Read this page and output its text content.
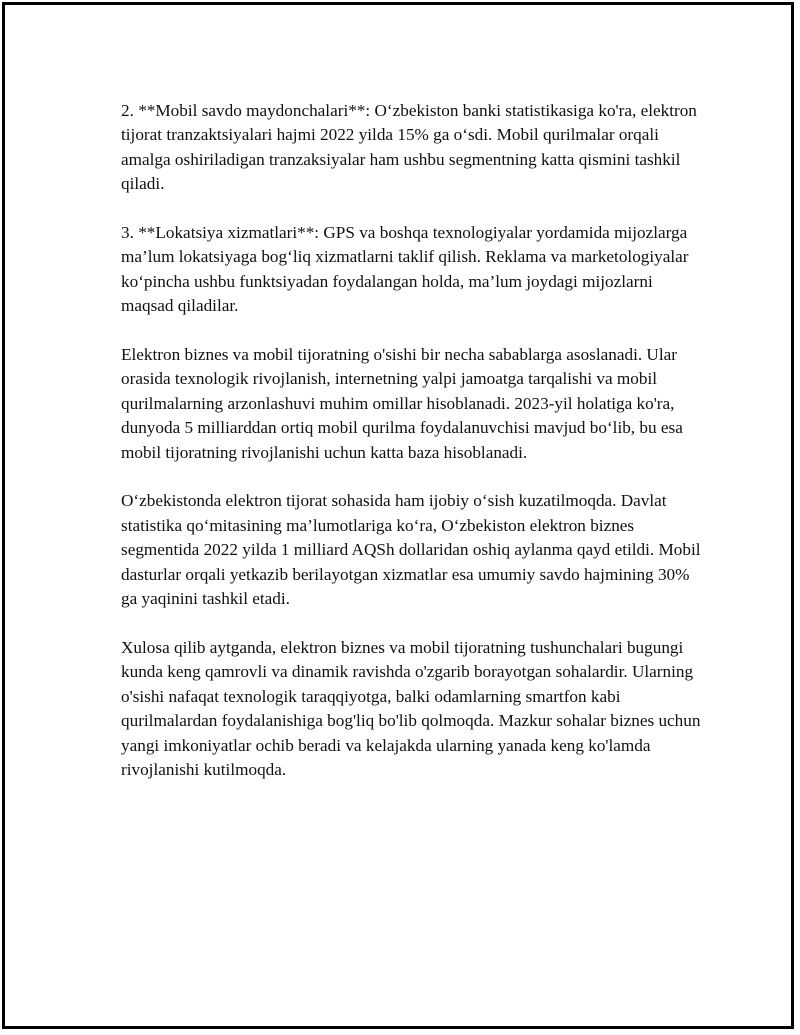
2. **Mobil savdo maydonchalari**: O‘zbekiston banki statistikasiga ko'ra, elektron tijorat tranzaktsiyalari hajmi 2022 yilda 15% ga o‘sdi. Mobil qurilmalar orqali amalga oshiriladigan tranzaksiyalar ham ushbu segmentning katta qismini tashkil qiladi.

3. **Lokatsiya xizmatlari**: GPS va boshqa texnologiyalar yordamida mijozlarga ma’lum lokatsiyaga bog‘liq xizmatlarni taklif qilish. Reklama va marketologiyalar ko‘pincha ushbu funktsiyadan foydalangan holda, ma’lum joydagi mijozlarni maqsad qiladilar.

Elektron biznes va mobil tijoratning o'sishi bir necha sabablarga asoslanadi. Ular orasida texnologik rivojlanish, internetning yalpi jamoatga tarqalishi va mobil qurilmalarning arzonlashuvi muhim omillar hisoblanadi. 2023-yil holatiga ko'ra, dunyoda 5 milliarddan ortiq mobil qurilma foydalanuvchisi mavjud bo‘lib, bu esa mobil tijoratning rivojlanishi uchun katta baza hisoblanadi.

O‘zbekistonda elektron tijorat sohasida ham ijobiy o‘sish kuzatilmoqda. Davlat statistika qo‘mitasining ma’lumotlariga ko‘ra, O‘zbekiston elektron biznes segmentida 2022 yilda 1 milliard AQSh dollaridan oshiq aylanma qayd etildi. Mobil dasturlar orqali yetkazib berilayotgan xizmatlar esa umumiy savdo hajmining 30% ga yaqinini tashkil etadi.

Xulosa qilib aytganda, elektron biznes va mobil tijoratning tushunchalari bugungi kunda keng qamrovli va dinamik ravishda o'zgarib borayotgan sohalardir. Ularning o'sishi nafaqat texnologik taraqqiyotga, balki odamlarning smartfon kabi qurilmalardan foydalanishiga bog'liq bo'lib qolmoqda. Mazkur sohalar biznes uchun yangi imkoniyatlar ochib beradi va kelajakda ularning yanada keng ko'lamda rivojlanishi kutilmoqda.
